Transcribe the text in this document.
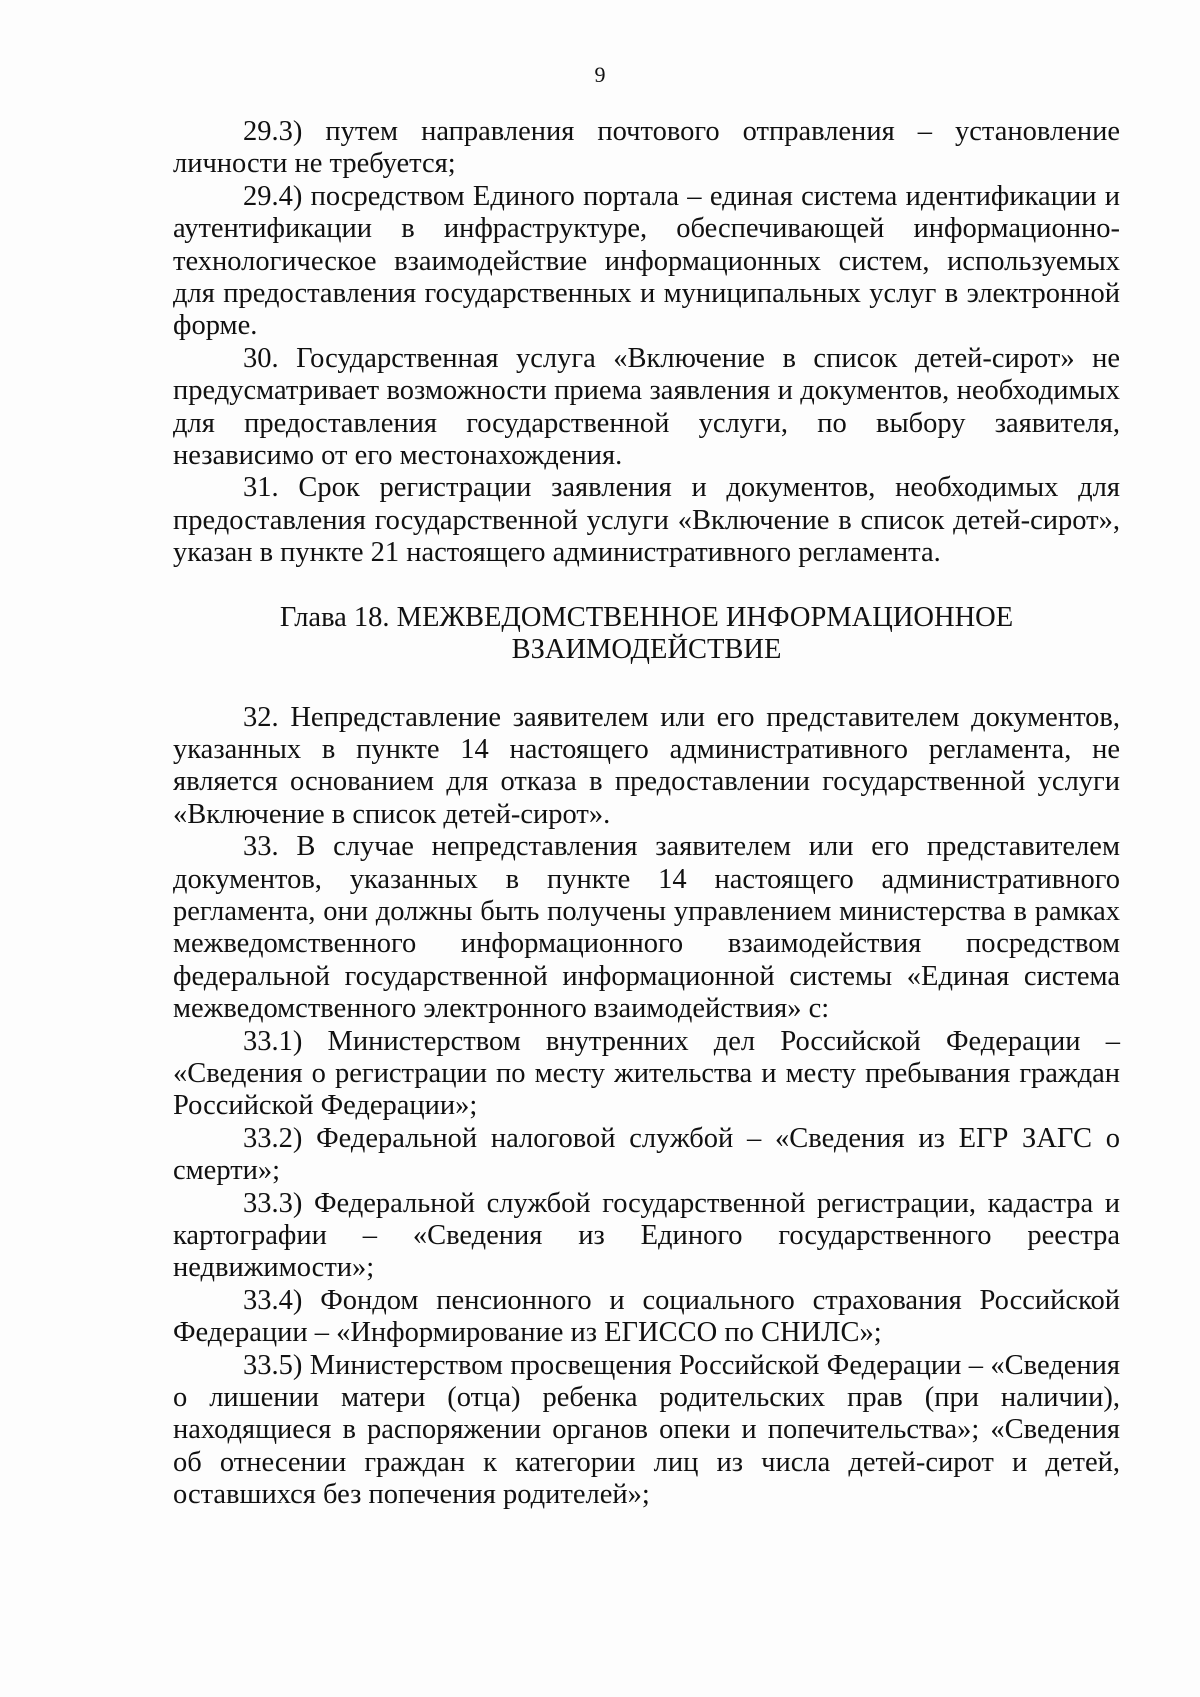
9

29.3) путем направления почтового отправления – установление личности не требуется;

29.4) посредством Единого портала – единая система идентификации и аутентификации в инфраструктуре, обеспечивающей информационно-технологическое взаимодействие информационных систем, используемых для предоставления государственных и муниципальных услуг в электронной форме.

30. Государственная услуга «Включение в список детей-сирот» не предусматривает возможности приема заявления и документов, необходимых для предоставления государственной услуги, по выбору заявителя, независимо от его местонахождения.

31. Срок регистрации заявления и документов, необходимых для предоставления государственной услуги «Включение в список детей-сирот», указан в пункте 21 настоящего административного регламента.

Глава 18. МЕЖВЕДОМСТВЕННОЕ ИНФОРМАЦИОННОЕ
ВЗАИМОДЕЙСТВИЕ

32. Непредставление заявителем или его представителем документов, указанных в пункте 14 настоящего административного регламента, не является основанием для отказа в предоставлении государственной услуги «Включение в список детей-сирот».

33. В случае непредставления заявителем или его представителем документов, указанных в пункте 14 настоящего административного регламента, они должны быть получены управлением министерства в рамках межведомственного информационного взаимодействия посредством федеральной государственной информационной системы «Единая система межведомственного электронного взаимодействия» с:

33.1) Министерством внутренних дел Российской Федерации – «Сведения о регистрации по месту жительства и месту пребывания граждан Российской Федерации»;

33.2) Федеральной налоговой службой – «Сведения из ЕГР ЗАГС о смерти»;

33.3) Федеральной службой государственной регистрации, кадастра и картографии – «Сведения из Единого государственного реестра недвижимости»;

33.4) Фондом пенсионного и социального страхования Российской Федерации – «Информирование из ЕГИССО по СНИЛС»;

33.5) Министерством просвещения Российской Федерации – «Сведения о лишении матери (отца) ребенка родительских прав (при наличии), находящиеся в распоряжении органов опеки и попечительства»; «Сведения об отнесении граждан к категории лиц из числа детей-сирот и детей, оставшихся без попечения родителей»;
